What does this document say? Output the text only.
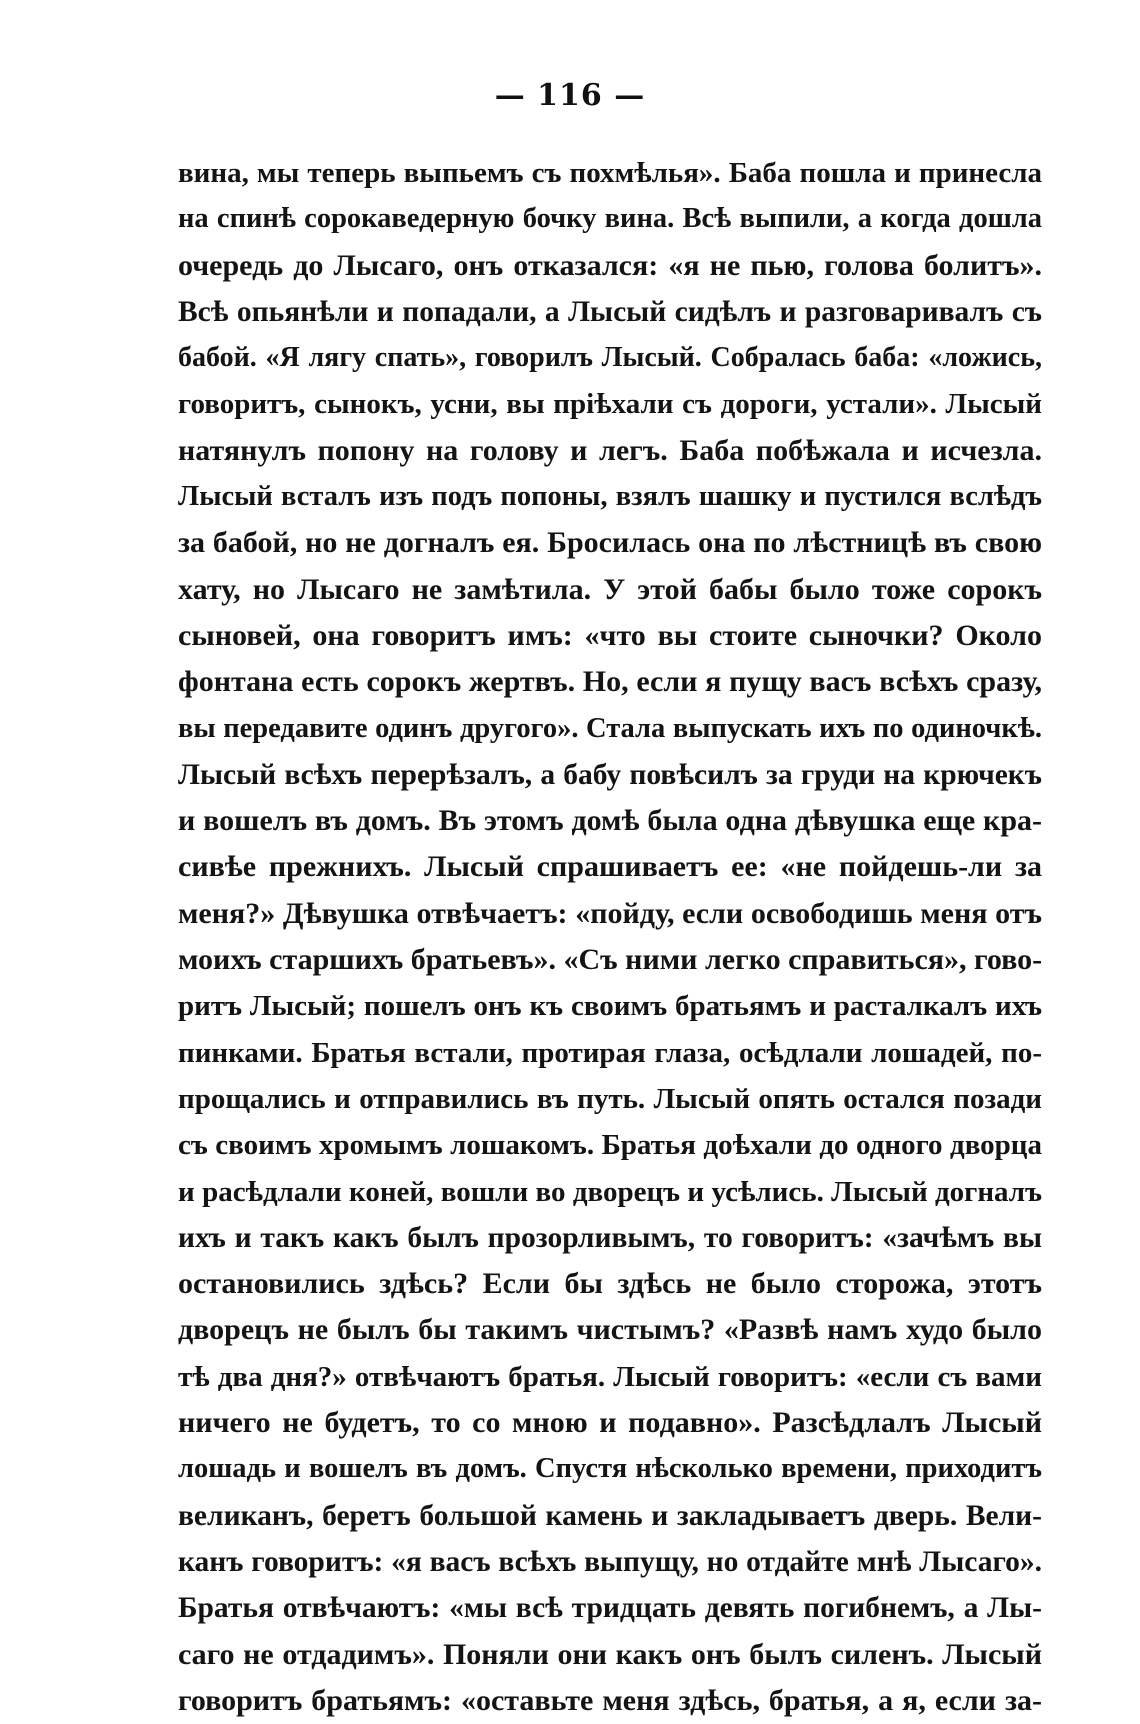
— 116 —
вина, мы теперь выпьемъ съ похмѣлья». Баба пошла и принесла
на спинѣ сорокаведерную бочку вина. Всѣ выпили, а когда дошла
очередь до Лысаго, онъ отказался: «я не пью, голова болитъ».
Всѣ опьянѣли и попадали, а Лысый сидѣлъ и разговаривалъ съ
бабой. «Я лягу спать», говорилъ Лысый. Собралась баба: «ложись,
говоритъ, сынокъ, усни, вы прiѣхали съ дороги, устали». Лысый
натянулъ попону на голову и легъ. Баба побѣжала и исчезла.
Лысый всталъ изъ подъ попоны, взялъ шашку и пустился вслѣдъ
за бабой, но не догналъ ея. Бросилась она по лѣстницѣ въ свою
хату, но Лысаго не замѣтила. У этой бабы было тоже сорокъ
сыновей, она говоритъ имъ: «что вы стоите сыночки? Около
фонтана есть сорокъ жертвъ. Но, если я пущу васъ всѣхъ сразу,
вы передавите одинъ другого». Стала выпускать ихъ по одиночкѣ.
Лысый всѣхъ перерѣзалъ, а бабу повѣсилъ за груди на крючекъ
и вошелъ въ домъ. Въ этомъ домѣ была одна дѣвушка еще кра-
сивѣе прежнихъ. Лысый спрашиваетъ ее: «не пойдешь-ли за
меня?» Дѣвушка отвѣчаетъ: «пойду, если освободишь меня отъ
моихъ старшихъ братьевъ». «Съ ними легко справиться», гово-
ритъ Лысый; пошелъ онъ къ своимъ братьямъ и расталкалъ ихъ
пинками. Братья встали, протирая глаза, осѣдлали лошадей, по-
прощались и отправились въ путь. Лысый опять остался позади
съ своимъ хромымъ лошакомъ. Братья доѣхали до одного дворца
и расѣдлали коней, вошли во дворецъ и усѣлись. Лысый догналъ
ихъ и такъ какъ былъ прозорливымъ, то говоритъ: «зачѣмъ вы
остановились здѣсь? Если бы здѣсь не было сторожа, этотъ
дворецъ не былъ бы такимъ чистымъ? «Развѣ намъ худо было
тѣ два дня?» отвѣчаютъ братья. Лысый говоритъ: «если съ вами
ничего не будетъ, то со мною и подавно». Разсѣдлалъ Лысый
лошадь и вошелъ въ домъ. Спустя нѣсколько времени, приходитъ
великанъ, беретъ большой камень и закладываетъ дверь. Вели-
канъ говоритъ: «я васъ всѣхъ выпущу, но отдайте мнѣ Лысаго».
Братья отвѣчаютъ: «мы всѣ тридцать девять погибнемъ, а Лы-
саго не отдадимъ». Поняли они какъ онъ былъ силенъ. Лысый
говоритъ братьямъ: «оставьте меня здѣсь, братья, а я, если за-
